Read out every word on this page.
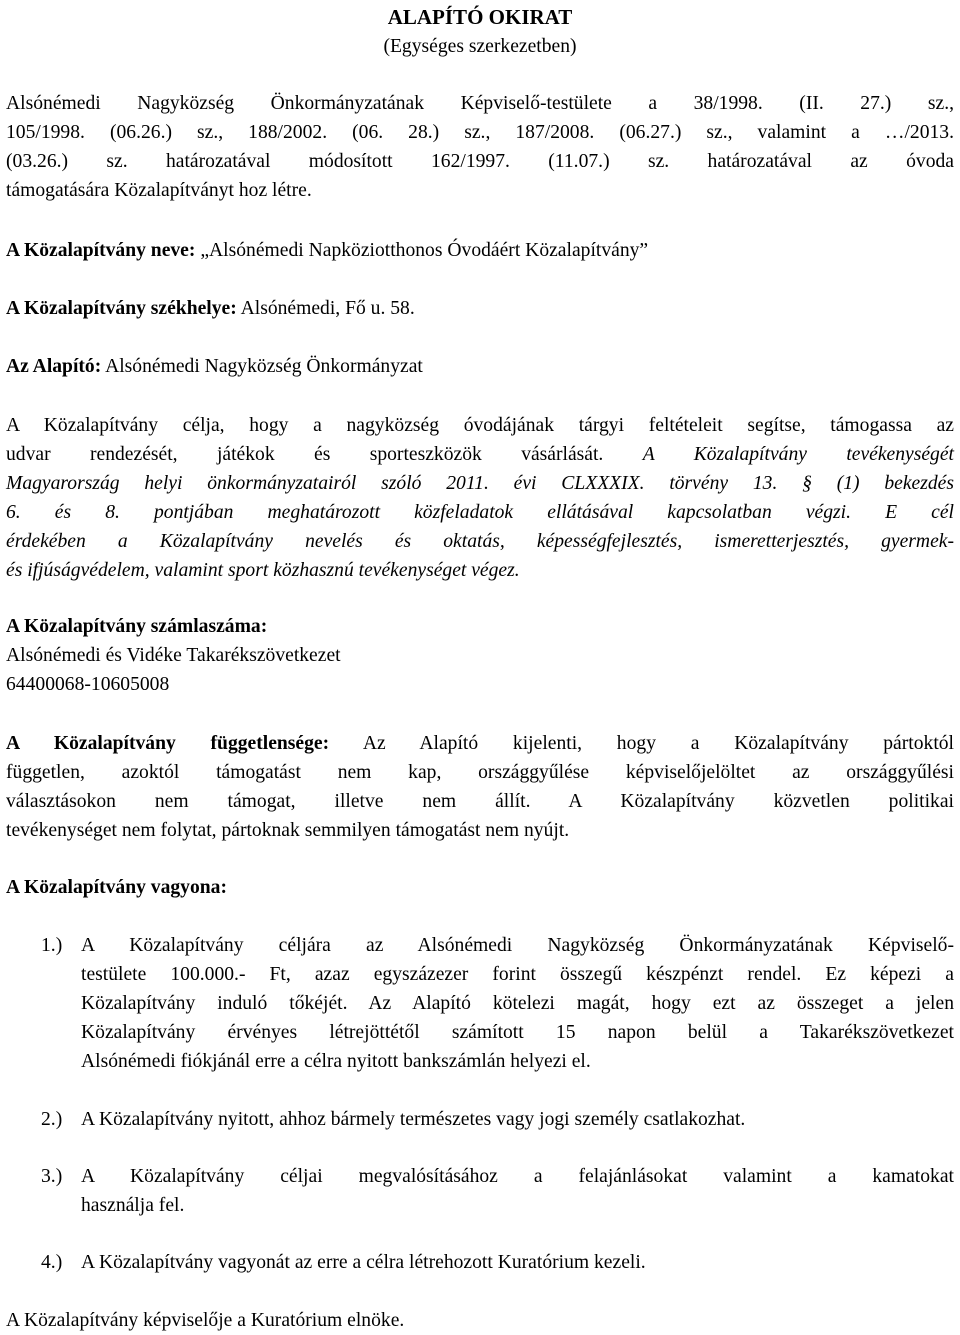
ALAPÍTÓ OKIRAT
(Egységes szerkezetben)
Alsónémedi Nagyközség Önkormányzatának Képviselő-testülete a 38/1998. (II. 27.) sz.,
105/1998. (06.26.) sz., 188/2002. (06. 28.) sz., 187/2008. (06.27.) sz., valamint a …/2013.
(03.26.) sz. határozatával módosított 162/1997. (11.07.) sz. határozatával az óvoda
támogatására Közalapítványt hoz létre.
A Közalapítvány neve: „Alsónémedi Napköziotthonos Óvodáért Közalapítvány”
A Közalapítvány székhelye: Alsónémedi, Fő u. 58.
Az Alapító: Alsónémedi Nagyközség Önkormányzat
A Közalapítvány célja, hogy a nagyközség óvodájának tárgyi feltételeit segítse, támogassa az
udvar rendezését, játékok és sporteszközök vásárlását. A Közalapítvány tevékenységét
Magyarország helyi önkormányzatairól szóló 2011. évi CLXXXIX. törvény 13. § (1) bekezdés
6. és 8. pontjában meghatározott közfeladatok ellátásával kapcsolatban végzi. E cél
érdekében a Közalapítvány nevelés és oktatás, képességfejlesztés, ismeretterjesztés, gyermek-
és ifjúságvédelem, valamint sport közhasznú tevékenységet végez.
A Közalapítvány számlaszáma:
Alsónémedi és Vidéke Takarékszövetkezet
64400068-10605008
A Közalapítvány függetlensége: Az Alapító kijelenti, hogy a Közalapítvány pártoktól
független, azoktól támogatást nem kap, országgyűlése képviselőjelöltet az országgyűlési
választásokon nem támogat, illetve nem állít. A Közalapítvány közvetlen politikai
tevékenységet nem folytat, pártoknak semmilyen támogatást nem nyújt.
A Közalapítvány vagyona:
1.) A Közalapítvány céljára az Alsónémedi Nagyközség Önkormányzatának Képviselő-
testülete 100.000.- Ft, azaz egyszázezer forint összegű készpénzt rendel. Ez képezi a
Közalapítvány induló tőkéjét. Az Alapító kötelezi magát, hogy ezt az összeget a jelen
Közalapítvány érvényes létrejöttétől számított 15 napon belül a Takarékszövetkezet
Alsónémedi fiókjánál erre a célra nyitott bankszámlán helyezi el.
2.) A Közalapítvány nyitott, ahhoz bármely természetes vagy jogi személy csatlakozhat.
3.) A Közalapítvány céljai megvalósításához a felajánlásokat valamint a kamatokat
használja fel.
4.) A Közalapítvány vagyonát az erre a célra létrehozott Kuratórium kezeli.
A Közalapítvány képviselője a Kuratórium elnöke.
